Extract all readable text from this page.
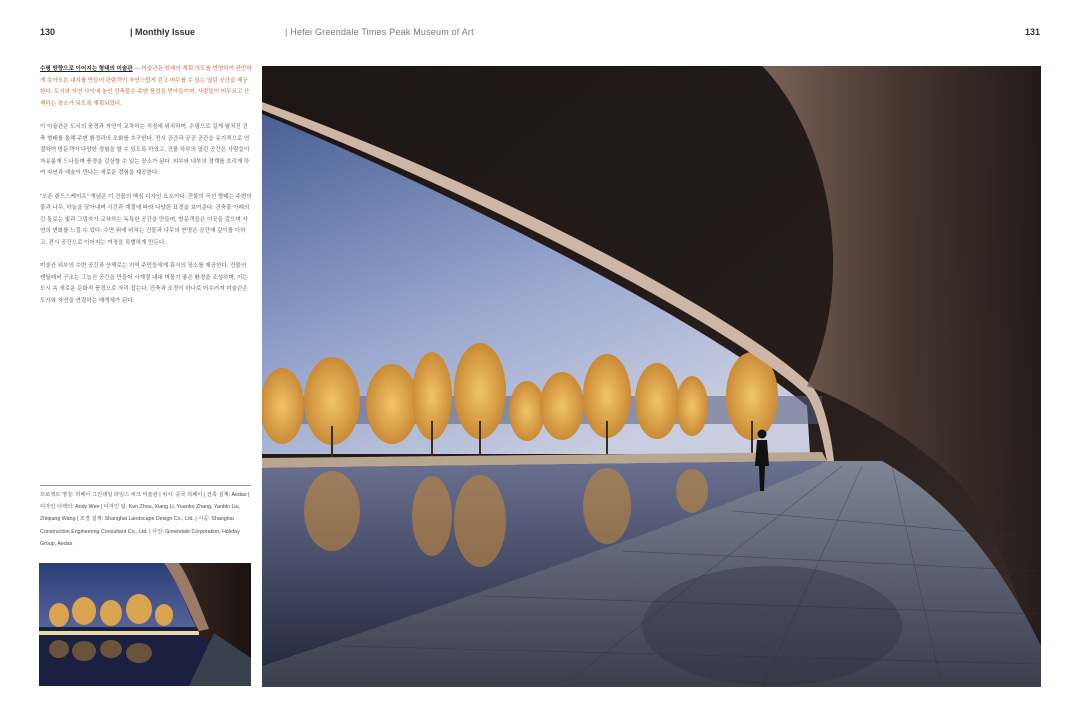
130	| Monthly Issue	| Hefei Greendale Times Peak Museum of Art	131

수평 방향으로 이어지는 형태의 미술관 — 미술관은 원래의 계획 의도를 반영하여 완만하게 솟아오른 대지를 만들어 관람객이 자연스럽게 걷고 머무를 수 있는 열린 공간을 제공한다. 도시와 자연 사이에 놓인 건축물은 주변 풍경을 받아들이며, 사람들이 머무르고 산책하는 장소가 되도록 계획되었다.

이 미술관은 도시의 풍경과 자연이 교차하는 지점에 위치하며, 수평으로 길게 펼쳐진 건축 형태를 통해 주변 환경과의 조화를 추구한다. 전시 공간과 공공 공간을 유기적으로 연결하여 방문객이 다양한 경험을 할 수 있도록 하였고, 건물 하부의 열린 공간은 사람들이 자유롭게 드나들며 풍경을 감상할 수 있는 장소가 된다. 외부와 내부의 경계를 흐리게 하여 자연과 예술이 만나는 새로운 경험을 제공한다.

"오픈 랜드스케이프" 개념은 이 건물의 핵심 디자인 요소이다. 건물의 곡선 형태는 주변의 물과 나무, 하늘을 담아내며 시간과 계절에 따라 다양한 표정을 보여준다. 건축물 아래의 긴 통로는 빛과 그림자가 교차하는 독특한 공간을 만들며, 방문객들은 이곳을 걸으며 자연의 변화를 느낄 수 있다. 수면 위에 비치는 건물과 나무의 반영은 공간에 깊이를 더하고, 전시 공간으로 이어지는 여정을 특별하게 만든다.

미술관 외부의 수변 공간과 산책로는 지역 주민들에게 휴식의 장소를 제공한다. 건물의 캔틸레버 구조는 그늘진 공간을 만들어 사계절 내내 머물기 좋은 환경을 조성하며, 이는 도시 속 새로운 문화적 풍경으로 자리 잡는다. 건축과 조경이 하나로 어우러져 미술관은 도시와 자연을 연결하는 매개체가 된다.

프로젝트 명칭: 허페이 그린데일 타임스 피크 미술관 | 위치: 중국 허페이 | 건축 설계: Aedas | 디자인 디렉터: Andy Wen | 디자인 팀: Ken Zhou, Xiang Li, Yuanbo Zhang, Yanbin Liu, Zhiqiang Wang | 조경 설계: Shanghai Landscape Design Co., Ltd. | 시공: Shanghai Construction Engineering Consultant Co., Ltd. | 사진: Greendale Corporation, Holiday Group, Aedas
